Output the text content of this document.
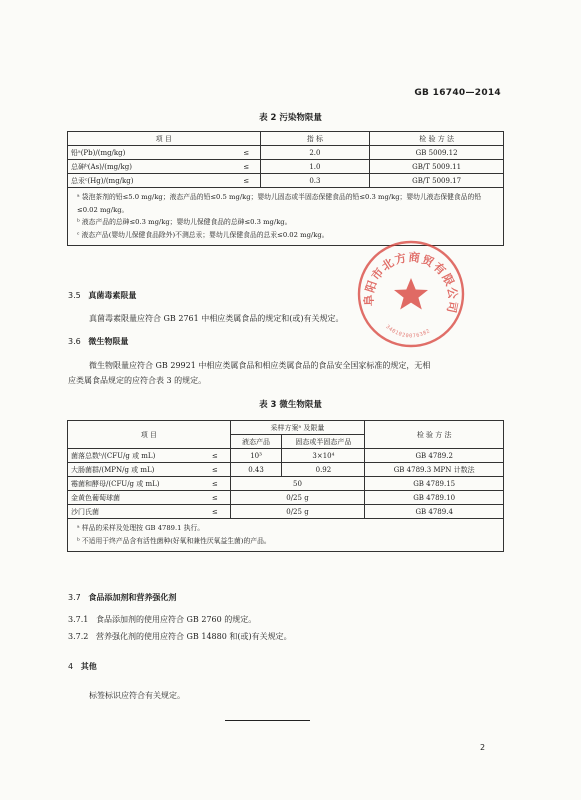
GB 16740—2014
表 2 污染物限量
项 目		指 标	检 验 方 法
铅ᵃ(Pb)/(mg/kg)	≤	2.0	GB 5009.12
总砷ᵇ(As)/(mg/kg)	≤	1.0	GB/T 5009.11
总汞ᶜ(Hg)/(mg/kg)	≤	0.3	GB/T 5009.17

ᵃ 袋泡茶剂的铅≤5.0 mg/kg；液态产品的铅≤0.5 mg/kg；婴幼儿固态或半固态保健食品的铅≤0.3 mg/kg；婴幼儿液态保健食品的铅≤0.02 mg/kg。
ᵇ 液态产品的总砷≤0.3 mg/kg；婴幼儿保健食品的总砷≤0.3 mg/kg。
ᶜ 液态产品(婴幼儿保健食品除外)不测总汞；婴幼儿保健食品的总汞≤0.02 mg/kg。			
3.5 真菌毒素限量
真菌毒素限量应符合 GB 2761 中相应类属食品的规定和(或)有关规定。
3.6 微生物限量
微生物限量应符合 GB 29921 中相应类属食品和相应类属食品的食品安全国家标准的规定，无相
应类属食品规定的应符合表 3 的规定。
表 3 微生物限量
项 目		采样方案ᵃ 及限量		检 验 方 法
		液态产品	固态或半固态产品	
菌落总数ᵇ/(CFU/g 或 mL)	≤	10³	3×10⁴	GB 4789.2
大肠菌群/(MPN/g 或 mL)	≤	0.43	0.92	GB 4789.3 MPN 计数法
霉菌和酵母/(CFU/g 或 mL)	≤	50		GB 4789.15
金黄色葡萄球菌	≤	0/25 g		GB 4789.10
沙门氏菌	≤	0/25 g		GB 4789.4

ᵃ 样品的采样及处理按 GB 4789.1 执行。
ᵇ 不适用于终产品含有活性菌种(好氧和兼性厌氧益生菌)的产品。				
3.7 食品添加剂和营养强化剂
3.7.1 食品添加剂的使用应符合 GB 2760 的规定。
3.7.2 营养强化剂的使用应符合 GB 14880 和(或)有关规定。
4 其他
标签标识应符合有关规定。
2
阜阳市北方商贸有限公司
3401020076382
